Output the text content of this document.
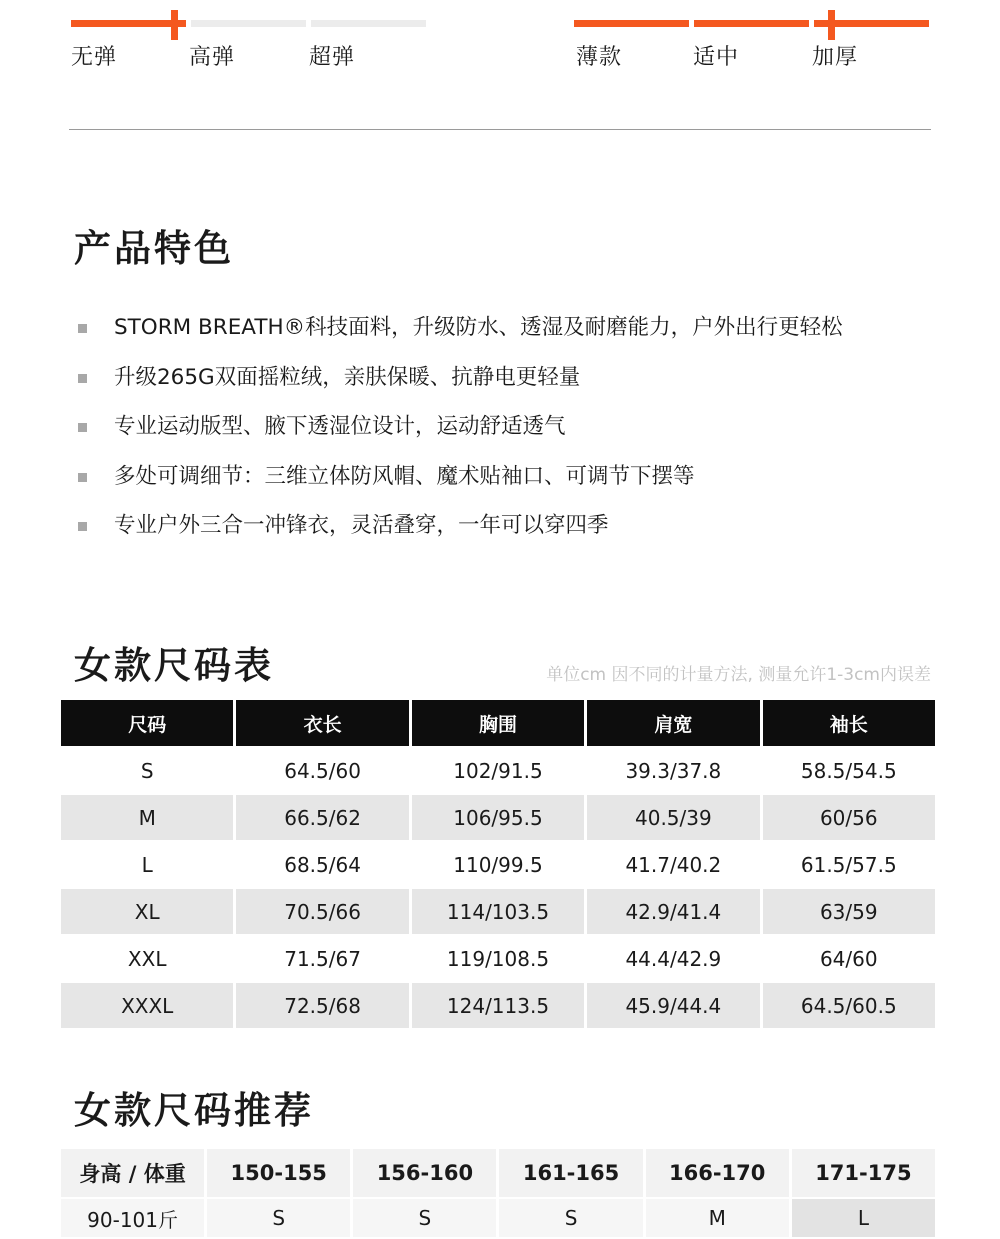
无弹	高弹	超弹	薄款	适中	加厚
产品特色
STORM BREATH®科技面料，升级防水、透湿及耐磨能力，户外出行更轻松
升级265G双面摇粒绒，亲肤保暖、抗静电更轻量
专业运动版型、腋下透湿位设计，运动舒适透气
多处可调细节：三维立体防风帽、魔术贴袖口、可调节下摆等
专业户外三合一冲锋衣，灵活叠穿，一年可以穿四季
女款尺码表	单位cm 因不同的计量方法, 测量允许1-3cm内误差
尺码	衣长	胸围	肩宽	袖长
S	64.5/60	102/91.5	39.3/37.8	58.5/54.5
M	66.5/62	106/95.5	40.5/39	60/56
L	68.5/64	110/99.5	41.7/40.2	61.5/57.5
XL	70.5/66	114/103.5	42.9/41.4	63/59
XXL	71.5/67	119/108.5	44.4/42.9	64/60
XXXL	72.5/68	124/113.5	45.9/44.4	64.5/60.5
女款尺码推荐
身高 / 体重	150-155	156-160	161-165	166-170	171-175
90-101斤	S	S	S	M	L
